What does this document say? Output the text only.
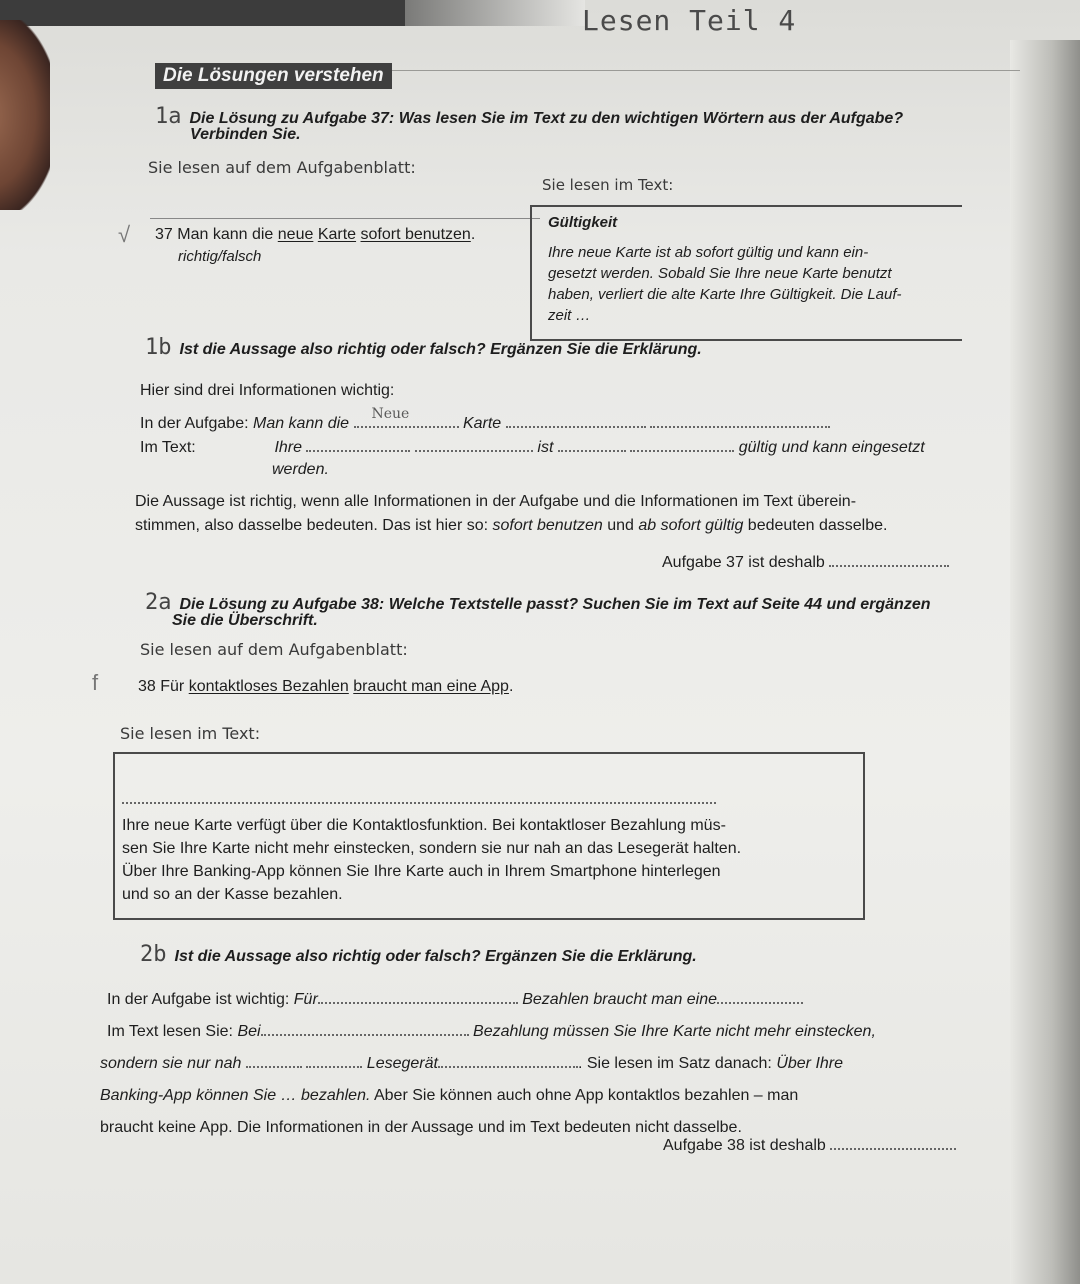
Lesen Teil 4
Die Lösungen verstehen
1a Die Lösung zu Aufgabe 37: Was lesen Sie im Text zu den wichtigen Wörtern aus der Aufgabe?
Verbinden Sie.
Sie lesen auf dem Aufgabenblatt:
Sie lesen im Text:
√ 37 Man kann die neue Karte sofort benutzen.
richtig/falsch
Gültigkeit
Ihre neue Karte ist ab sofort gültig und kann ein-
gesetzt werden. Sobald Sie Ihre neue Karte benutzt
haben, verliert die alte Karte Ihre Gültigkeit. Die Lauf-
zeit …
1b Ist die Aussage also richtig oder falsch? Ergänzen Sie die Erklärung.
Hier sind drei Informationen wichtig:
In der Aufgabe: Man kann die
Neue
Karte
Im Text:	Ihre	ist	gültig und kann eingesetzt
werden.
Die Aussage ist richtig, wenn alle Informationen in der Aufgabe und die Informationen im Text überein-
stimmen, also dasselbe bedeuten. Das ist hier so: sofort benutzen und ab sofort gültig bedeuten dasselbe.
Aufgabe 37 ist deshalb
2a Die Lösung zu Aufgabe 38: Welche Textstelle passt? Suchen Sie im Text auf Seite 44 und ergänzen
Sie die Überschrift.
Sie lesen auf dem Aufgabenblatt:
f 38 Für kontaktloses Bezahlen braucht man eine App.
Sie lesen im Text:
Ihre neue Karte verfügt über die Kontaktlosfunktion. Bei kontaktloser Bezahlung müs-
sen Sie Ihre Karte nicht mehr einstecken, sondern sie nur nah an das Lesegerät halten.
Über Ihre Banking-App können Sie Ihre Karte auch in Ihrem Smartphone hinterlegen
und so an der Kasse bezahlen.
2b Ist die Aussage also richtig oder falsch? Ergänzen Sie die Erklärung.
In der Aufgabe ist wichtig: Für	Bezahlen braucht man eine
Im Text lesen Sie: Bei	Bezahlung müssen Sie Ihre Karte nicht mehr einstecken,
sondern sie nur nah	Lesegerät	. Sie lesen im Satz danach: Über Ihre
Banking-App können Sie … bezahlen. Aber Sie können auch ohne App kontaktlos bezahlen – man
braucht keine App. Die Informationen in der Aussage und im Text bedeuten nicht dasselbe.
Aufgabe 38 ist deshalb
